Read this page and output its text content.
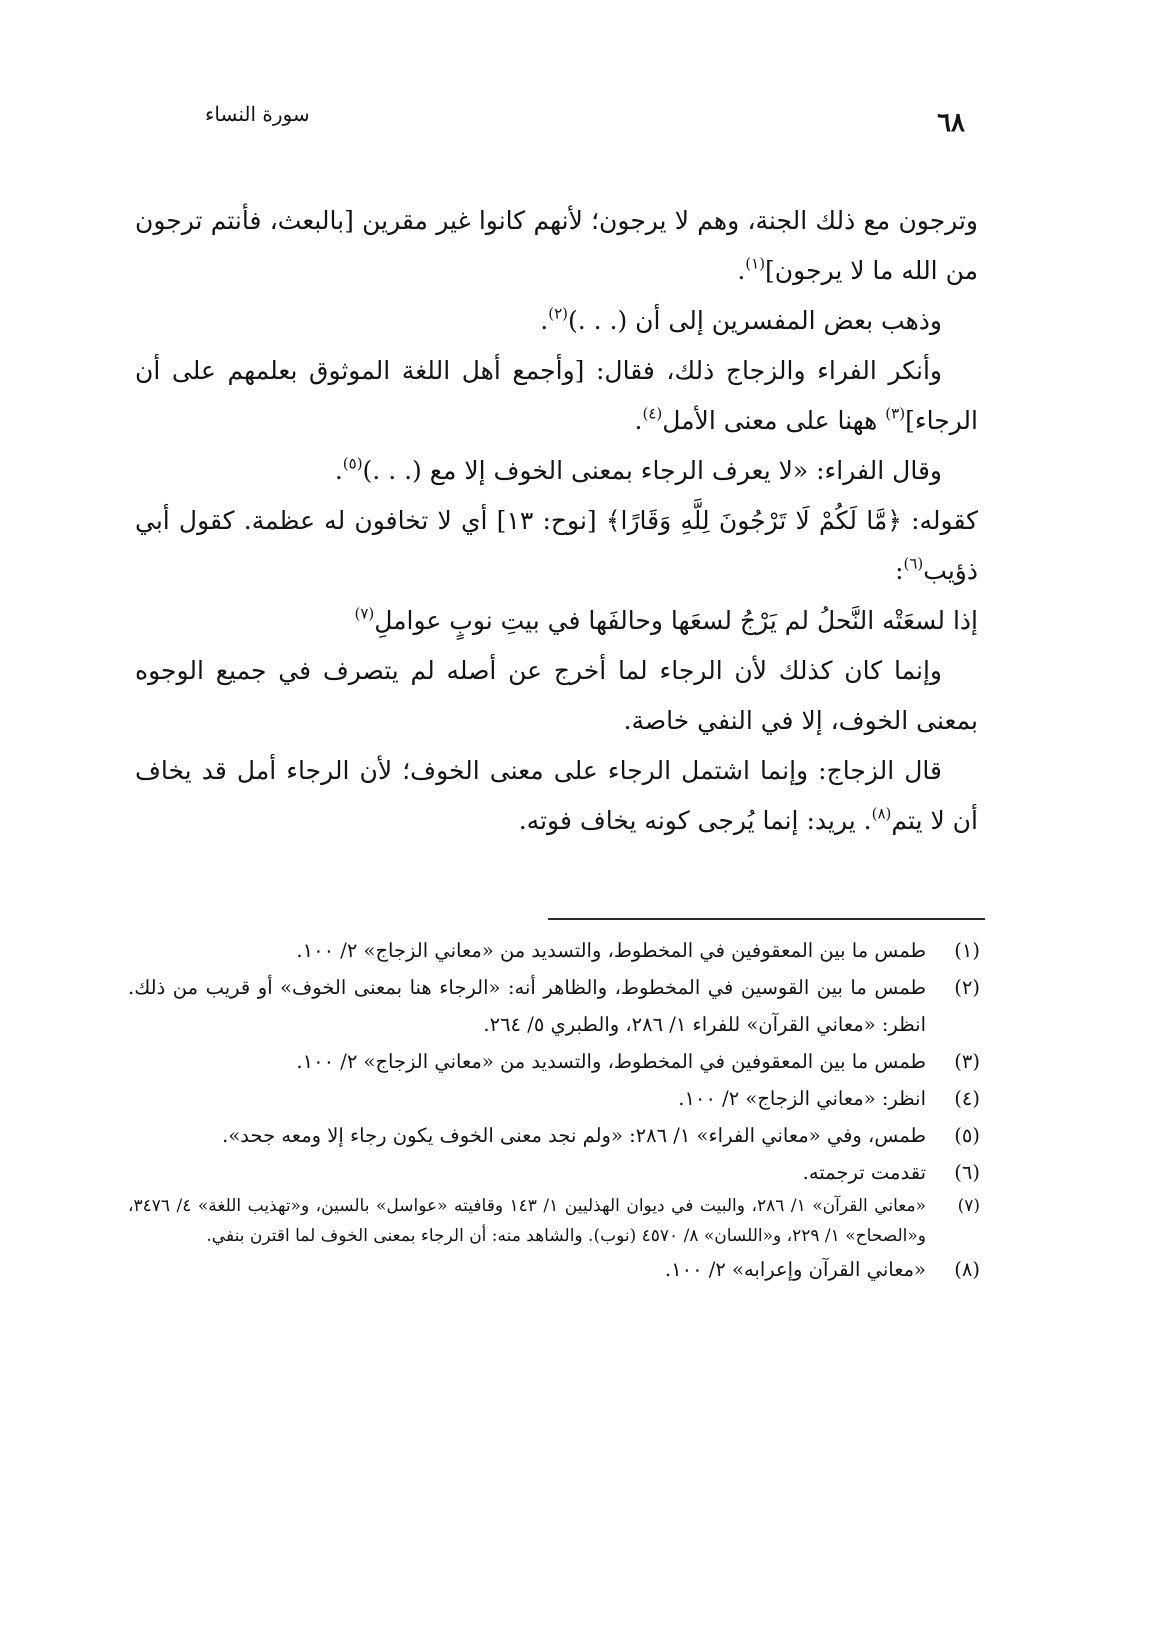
سورة النساء	٦٨

وترجون مع ذلك الجنة، وهم لا يرجون؛ لأنهم كانوا غير مقرين [بالبعث، فأنتم ترجون من الله ما لا يرجون]$^{(١)}$.

وذهب بعض المفسرين إلى أن (. . .)$^{(٢)}$.

وأنكر الفراء والزجاج ذلك، فقال: [وأجمع أهل اللغة الموثوق بعلمهم على أن الرجاء]$^{(٣)}$ ههنا على معنى الأمل$^{(٤)}$.

وقال الفراء: «لا يعرف الرجاء بمعنى الخوف إلا مع (. . .)$^{(٥)}$.

كقوله: ﴿مَّا لَكُمْ لَا تَرْجُونَ لِلَّهِ وَقَارًا﴾ [نوح: ١٣] أي لا تخافون له عظمة. كقول أبي ذؤيب$^{(٦)}$:

إذا لسعَتْه النَّحلُ لم يَرْجُ لسعَها وحالفَها في بيتِ نوبٍ عواملِ$^{(٧)}$

وإنما كان كذلك لأن الرجاء لما أخرج عن أصله لم يتصرف في جميع الوجوه بمعنى الخوف، إلا في النفي خاصة.

قال الزجاج: وإنما اشتمل الرجاء على معنى الخوف؛ لأن الرجاء أمل قد يخاف أن لا يتم$^{(٨)}$. يريد: إنما يُرجى كونه يخاف فوته.

(١)
طمس ما بين المعقوفين في المخطوط، والتسديد من «معاني الزجاج» ٢/ ١٠٠.
(٢)
طمس ما بين القوسين في المخطوط، والظاهر أنه: «الرجاء هنا بمعنى الخوف» أو قريب من ذلك. انظر: «معاني القرآن» للفراء ١/ ٢٨٦، والطبري ٥/ ٢٦٤.
(٣)
طمس ما بين المعقوفين في المخطوط، والتسديد من «معاني الزجاج» ٢/ ١٠٠.
(٤)
انظر: «معاني الزجاج» ٢/ ١٠٠.
(٥)
طمس، وفي «معاني الفراء» ١/ ٢٨٦: «ولم نجد معنى الخوف يكون رجاء إلا ومعه جحد».
(٦)
تقدمت ترجمته.
(٧)
«معاني القرآن» ١/ ٢٨٦، والبيت في ديوان الهذليين ١/ ١٤٣ وقافيته «عواسل» بالسين، و«تهذيب اللغة» ٤/ ٣٤٧٦، و«الصحاح» ١/ ٢٢٩، و«اللسان» ٨/ ٤٥٧٠ (نوب). والشاهد منه: أن الرجاء بمعنى الخوف لما اقترن بنفي.
(٨)
«معاني القرآن وإعرابه» ٢/ ١٠٠.
